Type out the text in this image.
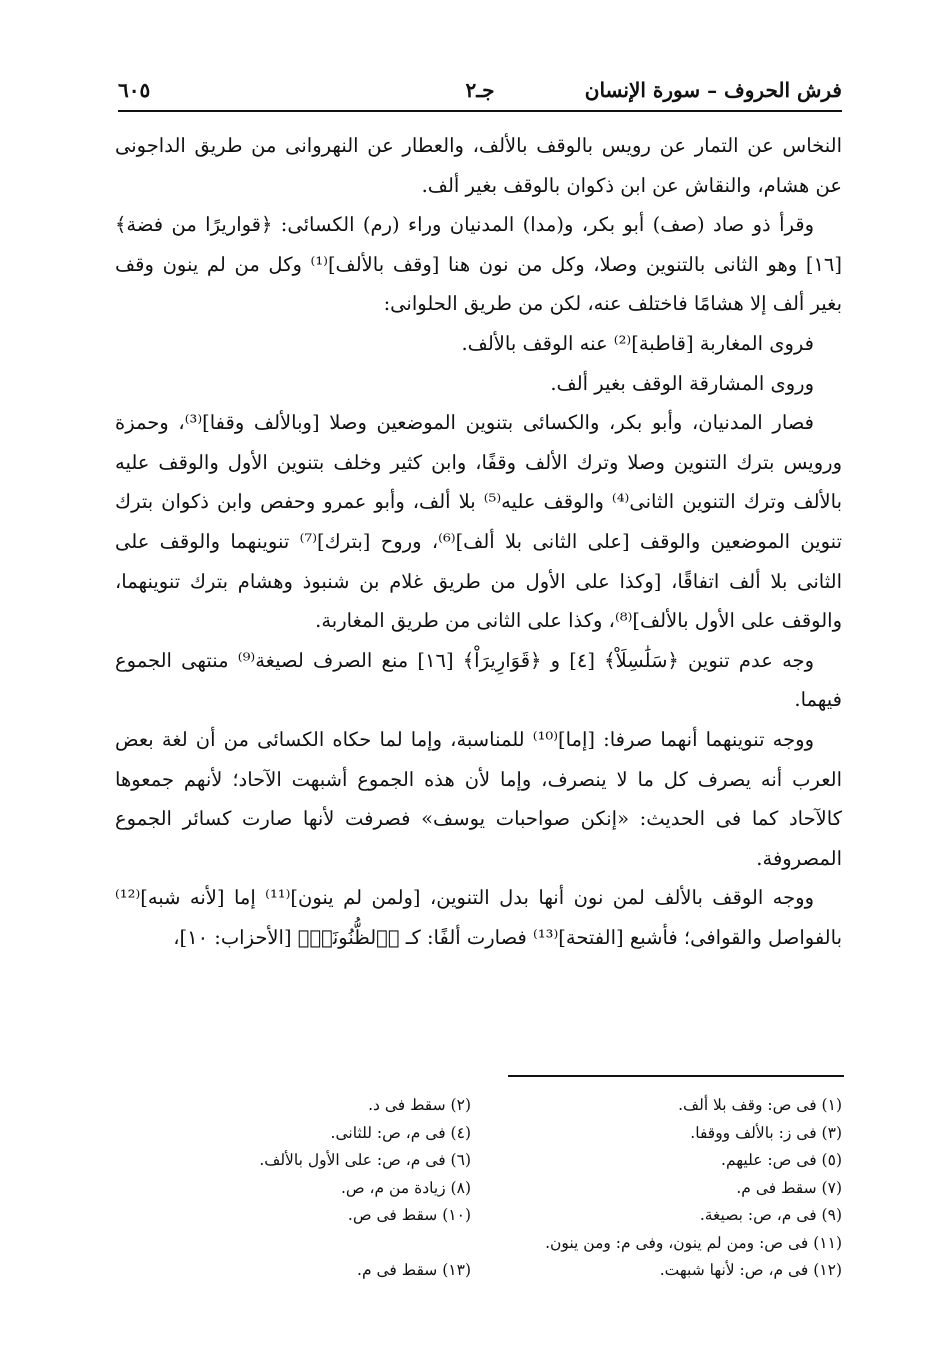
فرش الحروف – سورة الإنسان
جـ٢
٦٠٥

النخاس عن التمار عن رويس بالوقف بالألف، والعطار عن النهروانى من طريق الداجونى عن هشام، والنقاش عن ابن ذكوان بالوقف بغير ألف.

وقرأ ذو صاد (صف) أبو بكر، و(مدا) المدنيان وراء (رم) الكسائى: ﴿قواريرًا من فضة﴾ [١٦] وهو الثانى بالتنوين وصلا، وكل من نون هنا [وقف بالألف]⁽¹⁾ وكل من لم ينون وقف بغير ألف إلا هشامًا فاختلف عنه، لكن من طريق الحلوانى:

فروى المغاربة [قاطبة]⁽²⁾ عنه الوقف بالألف.

وروى المشارقة الوقف بغير ألف.

فصار المدنيان، وأبو بكر، والكسائى بتنوين الموضعين وصلا [وبالألف وقفا]⁽³⁾، وحمزة ورويس بترك التنوين وصلا وترك الألف وقفًا، وابن كثير وخلف بتنوين الأول والوقف عليه بالألف وترك التنوين الثانى⁽⁴⁾ والوقف عليه⁽⁵⁾ بلا ألف، وأبو عمرو وحفص وابن ذكوان بترك تنوين الموضعين والوقف [على الثانى بلا ألف]⁽⁶⁾، وروح [بترك]⁽⁷⁾ تنوينهما والوقف على الثانى بلا ألف اتفاقًا، [وكذا على الأول من طريق غلام بن شنبوذ وهشام بترك تنوينهما، والوقف على الأول بالألف]⁽⁸⁾، وكذا على الثانى من طريق المغاربة.

وجه عدم تنوين ﴿سَلَٰسِلَاْ﴾ [٤] و ﴿قَوَارِيرَاْ﴾ [١٦] منع الصرف لصيغة⁽⁹⁾ منتهى الجموع فيهما.

ووجه تنوينهما أنهما صرفا: [إما]⁽¹⁰⁾ للمناسبة، وإما لما حكاه الكسائى من أن لغة بعض العرب أنه يصرف كل ما لا ينصرف، وإما لأن هذه الجموع أشبهت الآحاد؛ لأنهم جمعوها كالآحاد كما فى الحديث: «إنكن صواحبات يوسف» فصرفت لأنها صارت كسائر الجموع المصروفة.

ووجه الوقف بالألف لمن نون أنها بدل التنوين، [ولمن لم ينون]⁽¹¹⁾ إما [لأنه شبه]⁽¹²⁾ بالفواصل والقوافى؛ فأشبع [الفتحة]⁽¹³⁾ فصارت ألفًا: كـ ﴿ٱلظُّنُونَا۠﴾ [الأحزاب: ١٠]،

(١) فى ص: وقف بلا ألف.
(٢) سقط فى د.
(٣) فى ز: بالألف ووقفا.
(٤) فى م، ص: للثانى.
(٥) فى ص: عليهم.
(٦) فى م، ص: على الأول بالألف.
(٧) سقط فى م.
(٨) زيادة من م، ص.
(٩) فى م، ص: بصيغة.
(١٠) سقط فى ص.
(١١) فى ص: ومن لم ينون، وفى م: ومن ينون.
(١٢) فى م، ص: لأنها شبهت.
(١٣) سقط فى م.
